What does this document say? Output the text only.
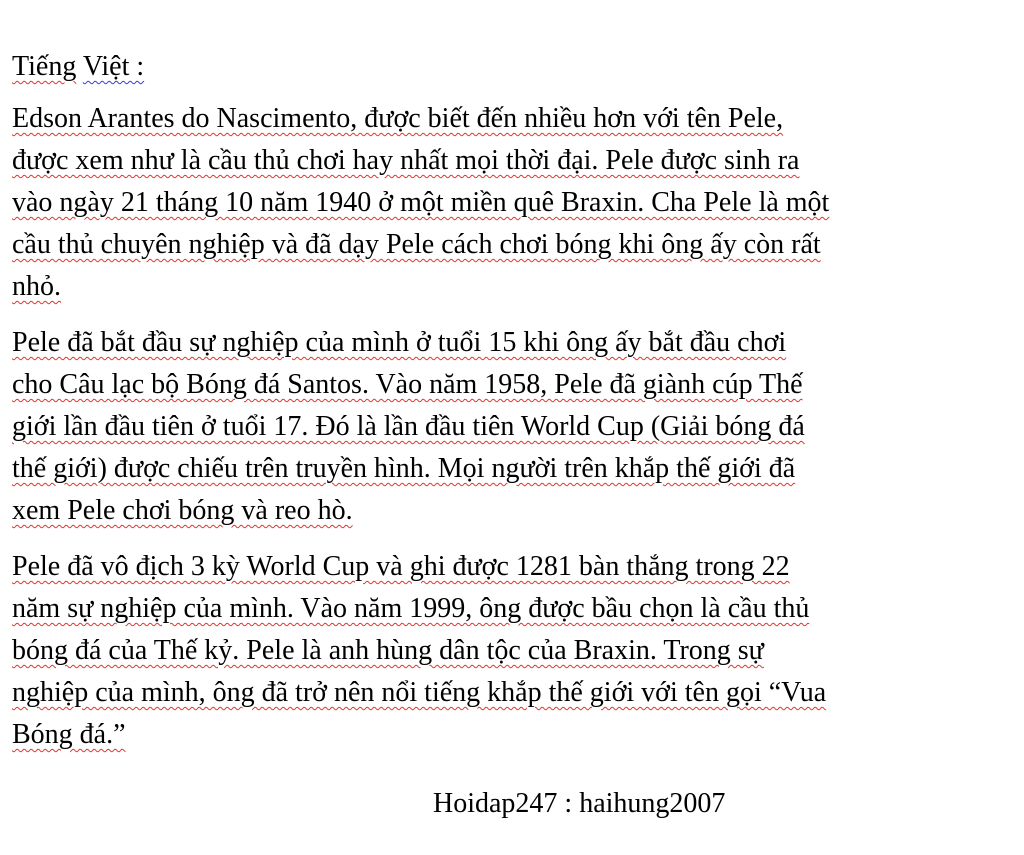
Tiếng Việt :

Edson Arantes do Nascimento, được biết đến nhiều hơn với tên Pele,
được xem như là cầu thủ chơi hay nhất mọi thời đại. Pele được sinh ra
vào ngày 21 tháng 10 năm 1940 ở một miền quê Braxin. Cha Pele là một
cầu thủ chuyên nghiệp và đã dạy Pele cách chơi bóng khi ông ấy còn rất
nhỏ.

Pele đã bắt đầu sự nghiệp của mình ở tuổi 15 khi ông ấy bắt đầu chơi
cho Câu lạc bộ Bóng đá Santos. Vào năm 1958, Pele đã giành cúp Thế
giới lần đầu tiên ở tuổi 17. Đó là lần đầu tiên World Cup (Giải bóng đá
thế giới) được chiếu trên truyền hình. Mọi người trên khắp thế giới đã
xem Pele chơi bóng và reo hò.

Pele đã vô địch 3 kỳ World Cup và ghi được 1281 bàn thắng trong 22
năm sự nghiệp của mình. Vào năm 1999, ông được bầu chọn là cầu thủ
bóng đá của Thế kỷ. Pele là anh hùng dân tộc của Braxin. Trong sự
nghiệp của mình, ông đã trở nên nổi tiếng khắp thế giới với tên gọi “Vua
Bóng đá.”

Hoidap247 : haihung2007
